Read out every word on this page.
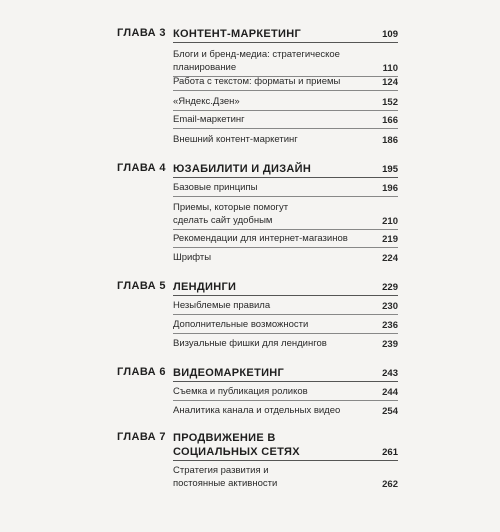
ГЛАВА 3 КОНТЕНТ-МАРКЕТИНГ	109
Блоги и бренд-медиа: стратегическое планирование	110
Работа с текстом: форматы и приемы	124
«Яндекс.Дзен»	152
Email-маркетинг	166
Внешний контент-маркетинг	186
ГЛАВА 4 ЮЗАБИЛИТИ И ДИЗАЙН	195
Базовые принципы	196
Приемы, которые помогут сделать сайт удобным	210
Рекомендации для интернет-магазинов	219
Шрифты	224
ГЛАВА 5 ЛЕНДИНГИ	229
Незыблемые правила	230
Дополнительные возможности	236
Визуальные фишки для лендингов	239
ГЛАВА 6 ВИДЕОМАРКЕТИНГ	243
Съемка и публикация роликов	244
Аналитика канала и отдельных видео	254
ГЛАВА 7 ПРОДВИЖЕНИЕ В СОЦИАЛЬНЫХ СЕТЯХ	261
Стратегия развития и постоянные активности	262
